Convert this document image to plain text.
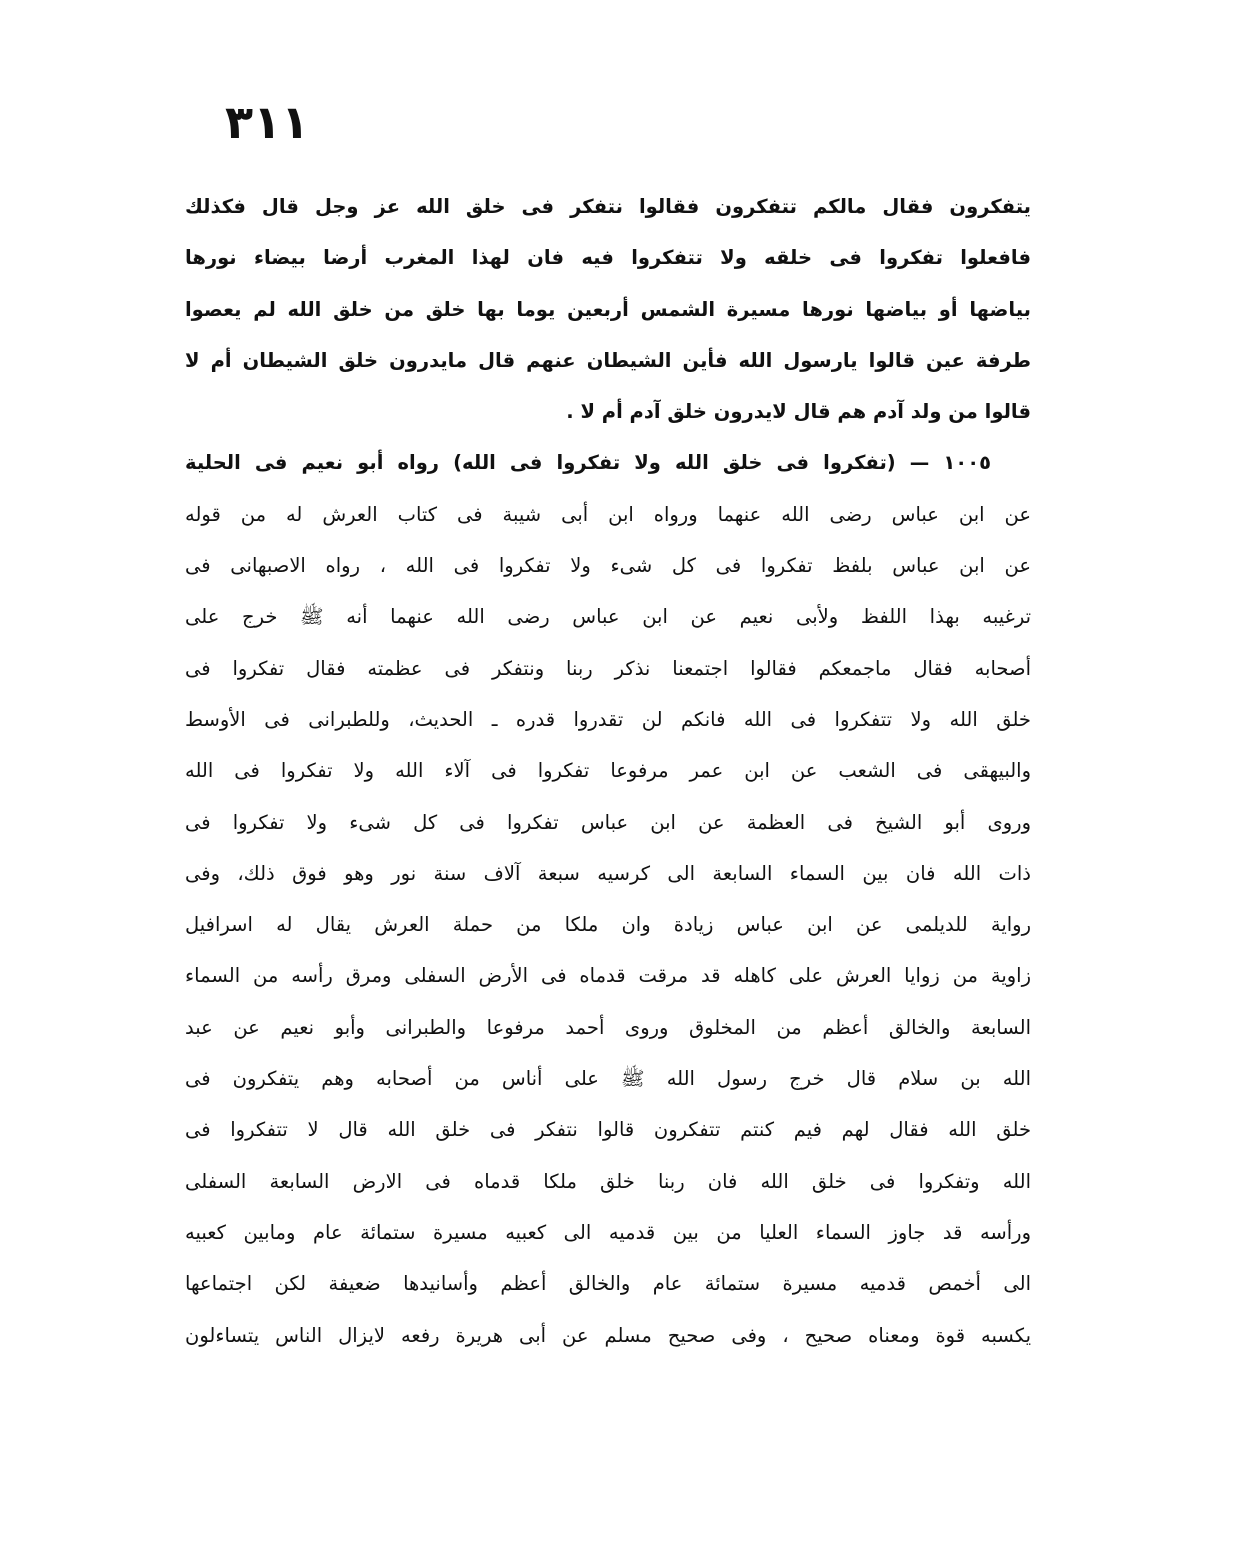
٣١١
يتفكرون فقال مالكم تتفكرون فقالوا نتفكر فى خلق الله عز وجل قال فكذلك
فافعلوا تفكروا فى خلقه ولا تتفكروا فيه فان لهذا المغرب أرضا بيضاء نورها
بياضها أو بياضها نورها مسيرة الشمس أربعين يوما بها خلق من خلق الله لم يعصوا
طرفة عين قالوا يارسول الله فأين الشيطان عنهم قال مايدرون خلق الشيطان أم لا
قالوا من ولد آدم هم قال لايدرون خلق آدم أم لا .
١٠٠٥ — (تفكروا فى خلق الله ولا تفكروا فى الله) رواه أبو نعيم فى الحلية
عن ابن عباس رضى الله عنهما ورواه ابن أبى شيبة فى كتاب العرش له من قوله
عن ابن عباس بلفظ تفكروا فى كل شىء ولا تفكروا فى الله ، رواه الاصبهانى فى
ترغيبه بهذا اللفظ ولأبى نعيم عن ابن عباس رضى الله عنهما أنه ﷺ خرج على
أصحابه فقال ماجمعكم فقالوا اجتمعنا نذكر ربنا ونتفكر فى عظمته فقال تفكروا فى
خلق الله ولا تتفكروا فى الله فانكم لن تقدروا قدره ـ الحديث، وللطبرانى فى الأوسط
والبيهقى فى الشعب عن ابن عمر مرفوعا تفكروا فى آلاء الله ولا تفكروا فى الله
وروى أبو الشيخ فى العظمة عن ابن عباس تفكروا فى كل شىء ولا تفكروا فى
ذات الله فان بين السماء السابعة الى كرسيه سبعة آلاف سنة نور وهو فوق ذلك، وفى
رواية للديلمى عن ابن عباس زيادة وان ملكا من حملة العرش يقال له اسرافيل
زاوية من زوايا العرش على كاهله قد مرقت قدماه فى الأرض السفلى ومرق رأسه من السماء
السابعة والخالق أعظم من المخلوق وروى أحمد مرفوعا والطبرانى وأبو نعيم عن عبد
الله بن سلام قال خرج رسول الله ﷺ على أناس من أصحابه وهم يتفكرون فى
خلق الله فقال لهم فيم كنتم تتفكرون قالوا نتفكر فى خلق الله قال لا تتفكروا فى
الله وتفكروا فى خلق الله فان ربنا خلق ملكا قدماه فى الارض السابعة السفلى
ورأسه قد جاوز السماء العليا من بين قدميه الى كعبيه مسيرة ستمائة عام ومابين كعبيه
الى أخمص قدميه مسيرة ستمائة عام والخالق أعظم وأسانيدها ضعيفة لكن اجتماعها
يكسبه قوة ومعناه صحيح ، وفى صحيح مسلم عن أبى هريرة رفعه لايزال الناس يتساءلون
